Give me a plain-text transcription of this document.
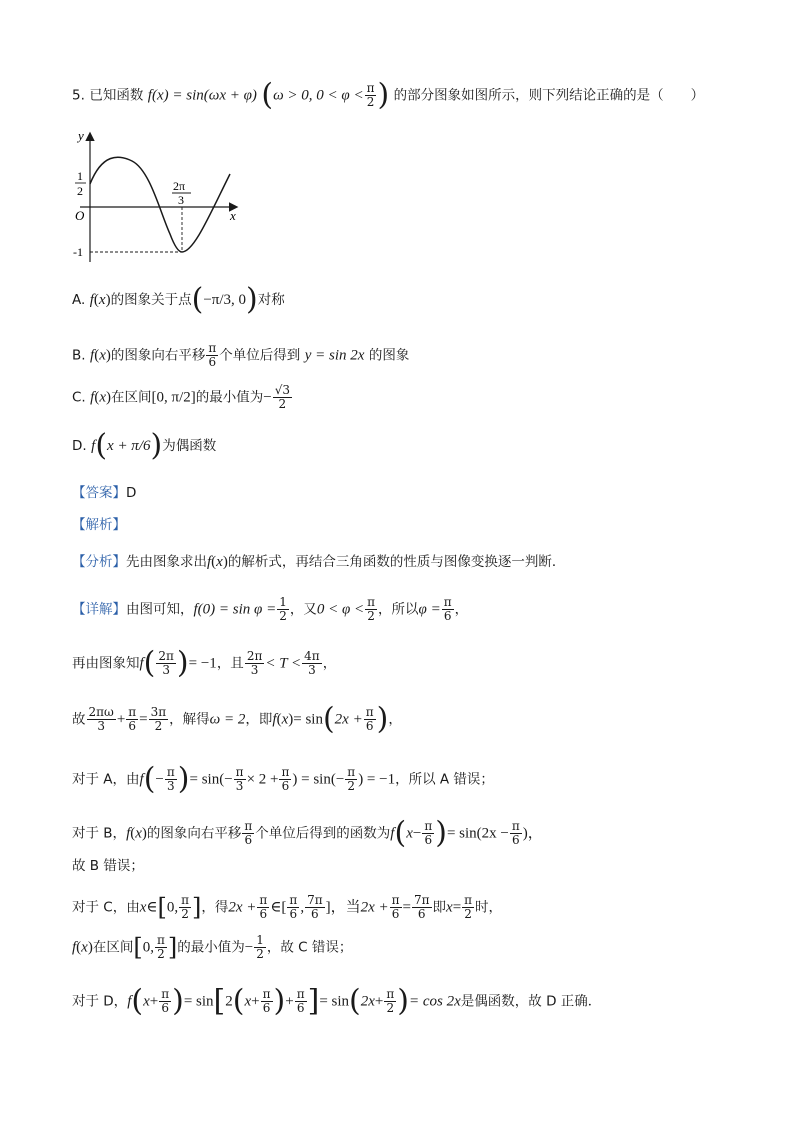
5. 已知函数 f(x) = sin(ωx + φ) (ω > 0, $0 < \varphi < \frac{\pi}{2}$ ) 的部分图象如图所示，则下列结论正确的是（　　）
y
x
O
1
2	2π
3
-1
A. f(x)的图象关于点(−π/3, 0)对称
B. f(x)的图象向右平移 $\frac{\pi}{6}$ 个单位后得到 y = sin 2x 的图象
C. f(x)在区间[0, π/2]的最小值为− $\frac{√3}{2}$
D. f(x + π/6)为偶函数
【答案】D
【解析】
【分析】先由图象求出f(x)的解析式，再结合三角函数的性质与图像变换逐一判断．
【详解】由图可知，$f(0) = \sin \varphi = \frac{1}{2}$ ，又$0 < \varphi < \frac{\pi}{2}$ ，所以$\varphi = \frac{\pi}{6}$ ，
再由图象知$f( \frac{2\pi}{3}$ )= −1，且 $\frac{2\pi}{3} < T < \frac{4\pi}{3}$ ，
故 $\frac{2\pi\omega}{3} + \frac{\pi}{6} = \frac{3\pi}{2}$ ，解得ω = 2，即$f(x)= \sin(2x + \frac{\pi}{6}$ )，
对于 A，由$f(- \frac{\pi}{3}$ )= $\sin(- \frac{\pi}{3} \times 2 + \frac{\pi}{6}$ ) = $\sin(- \frac{\pi}{2}$ ) = −1，所以 A 错误；
对于 B，f(x)的图象向右平移 $\frac{\pi}{6}$ 个单位后得到的函数为$f(x- \frac{\pi}{6}$ )= $\sin(2x - \frac{\pi}{6}$ )，
故 B 错误；
对于 C，由x∈[0, $\frac{\pi}{2}$ ]，得$2x + \frac{\pi}{6}$ ∈[ $\frac{\pi}{6}$ , $\frac{7\pi}{6}$ ]，当$2x + \frac{\pi}{6} = \frac{7\pi}{6}$ 即$x= \frac{\pi}{2}$ 时，
f(x)在区间[0, $\frac{\pi}{2}$ ]的最小值为− $\frac{1}{2}$ ，故 C 错误；
对于 D，$f(x+ \frac{\pi}{6}$ )= $\sin[2(x+ \frac{\pi}{6}$ )+ $\frac{\pi}{6}$ ]= $\sin(2x+ \frac{\pi}{2}$ )= cos 2x是偶函数，故 D 正确．
